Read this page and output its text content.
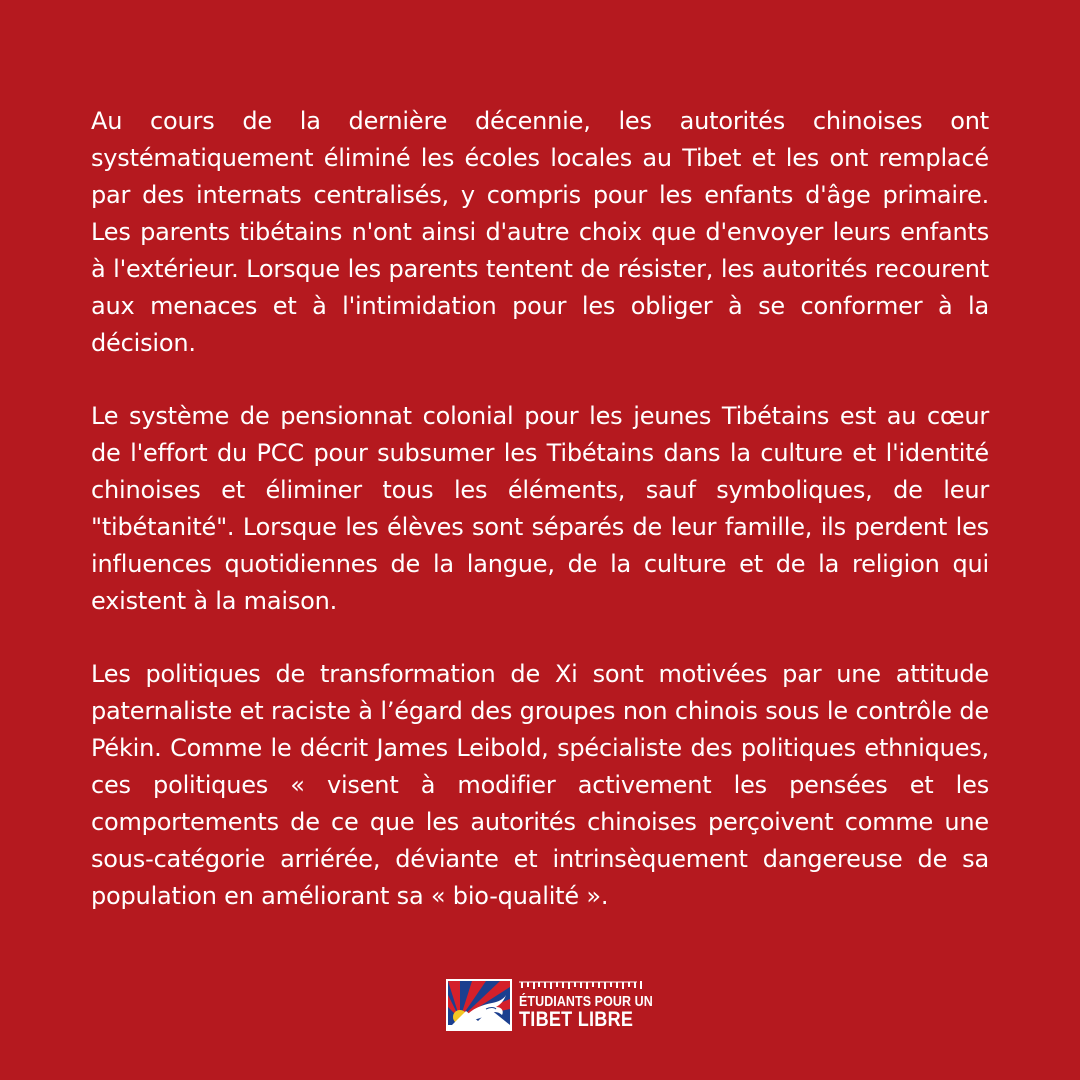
Au cours de la dernière décennie, les autorités chinoises ont systématiquement éliminé les écoles locales au Tibet et les ont remplacé par des internats centralisés, y compris pour les enfants d'âge primaire. Les parents tibétains n'ont ainsi d'autre choix que d'envoyer leurs enfants à l'extérieur. Lorsque les parents tentent de résister, les autorités recourent aux menaces et à l'intimidation pour les obliger à se conformer à la décision.

Le système de pensionnat colonial pour les jeunes Tibétains est au cœur de l'effort du PCC pour subsumer les Tibétains dans la culture et l'identité chinoises et éliminer tous les éléments, sauf symboliques, de leur "tibétanité". Lorsque les élèves sont séparés de leur famille, ils perdent les influences quotidiennes de la langue, de la culture et de la religion qui existent à la maison.

Les politiques de transformation de Xi sont motivées par une attitude paternaliste et raciste à l’égard des groupes non chinois sous le contrôle de Pékin. Comme le décrit James Leibold, spécialiste des politiques ethniques, ces politiques « visent à modifier activement les pensées et les comportements de ce que les autorités chinoises perçoivent comme une sous-catégorie arriérée, déviante et intrinsèquement dangereuse de sa population en améliorant sa « bio-qualité ».

ÉTUDIANTS POUR UN
TIBET LIBRE
